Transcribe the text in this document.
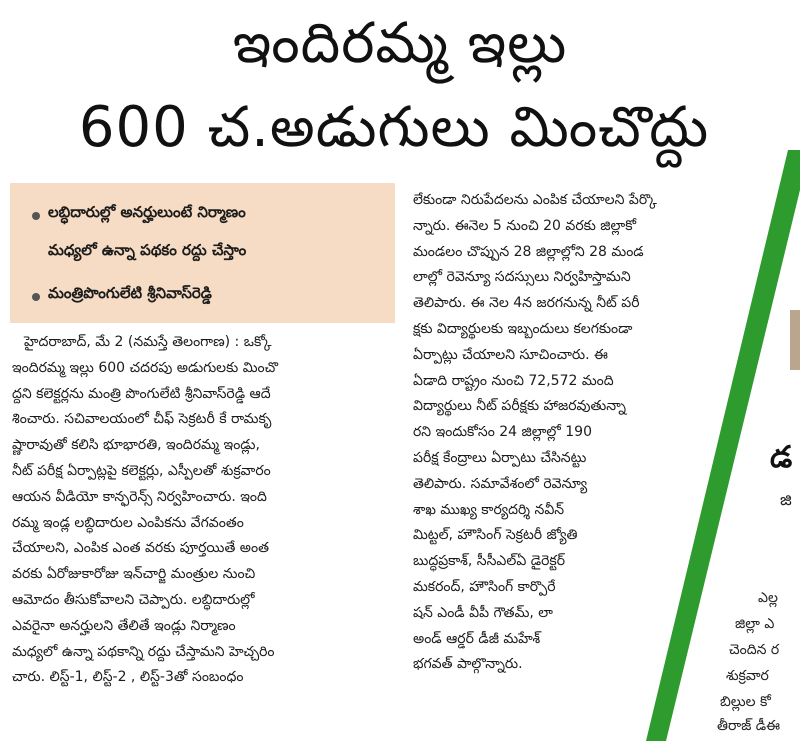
ఇందిరమ్మ ఇల్లు
600 చ.అడుగులు మించొద్దు
లబ్ధిదారుల్లో అనర్హులుంటే నిర్మాణం
మధ్యలో ఉన్నా పథకం రద్దు చేస్తాం
మంత్రిపొంగులేటి శ్రీనివాస్‌రెడ్డి
హైదరాబాద్, మే 2 (నమస్తే తెలంగాణ) : ఒక్కో
ఇందిరమ్మ ఇల్లు 600 చదరపు అడుగులకు మించొ
ద్దని కలెక్టర్లను మంత్రి పొంగులేటి శ్రీనివాస్‌రెడ్డి ఆదే
శించారు. సచివాలయంలో చీఫ్ సెక్రటరీ కే రామకృ
ష్ణారావుతో కలిసి భూభారతి, ఇందిరమ్మ ఇండ్లు,
నీట్ పరీక్ష ఏర్పాట్లపై కలెక్టర్లు, ఎస్పీలతో శుక్రవారం
ఆయన వీడియో కాన్ఫరెన్స్ నిర్వహించారు. ఇంది
రమ్మ ఇండ్ల లబ్ధిదారుల ఎంపికను వేగవంతం
చేయాలని, ఎంపిక ఎంత వరకు పూర్తయితే అంత
వరకు ఏరోజుకారోజు ఇన్‌చార్జి మంత్రుల నుంచి
ఆమోదం తీసుకోవాలని చెప్పారు. లబ్ధిదారుల్లో
ఎవరైనా అనర్హులని తేలితే ఇండ్లు నిర్మాణం
మధ్యలో ఉన్నా పథకాన్ని రద్దు చేస్తామని హెచ్చరిం
చారు. లిస్ట్-1, లిస్ట్-2 , లిస్ట్-3తో సంబంధం
లేకుండా నిరుపేదలను ఎంపిక చేయాలని పేర్కొ
న్నారు. ఈనెల 5 నుంచి 20 వరకు జిల్లాకో
మండలం చొప్పున 28 జిల్లాల్లోని 28 మండ
లాల్లో రెవెన్యూ సదస్సులు నిర్వహిస్తామని
తెలిపారు. ఈ నెల 4న జరగనున్న నీట్ పరీ
క్షకు విద్యార్థులకు ఇబ్బందులు కలగకుండా
ఏర్పాట్లు చేయాలని సూచించారు. ఈ
ఏడాది రాష్ట్రం నుంచి 72,572 మంది
విద్యార్థులు నీట్ పరీక్షకు హాజరవుతున్నా
రని ఇందుకోసం 24 జిల్లాల్లో 190
పరీక్ష కేంద్రాలు ఏర్పాటు చేసినట్టు
తెలిపారు. సమావేశంలో రెవెన్యూ
శాఖ ముఖ్య కార్యదర్శి నవీన్
మిట్టల్, హౌసింగ్ సెక్రటరీ జ్యోతి
బుద్ధప్రకాశ్, సీసీఎల్ఏ డైరెక్టర్
మకరంద్, హౌసింగ్ కార్పొరే
షన్ ఎండీ వీపీ గౌతమ్, లా
అండ్ ఆర్డర్ డీజీ మహేశ్
భగవత్ పాల్గొన్నారు.
డ
జి
ఎల్ల
జిల్లా ఎ
చెందిన ర
శుక్రవార
బిల్లుల కో
తీరాజ్ డీఈ
